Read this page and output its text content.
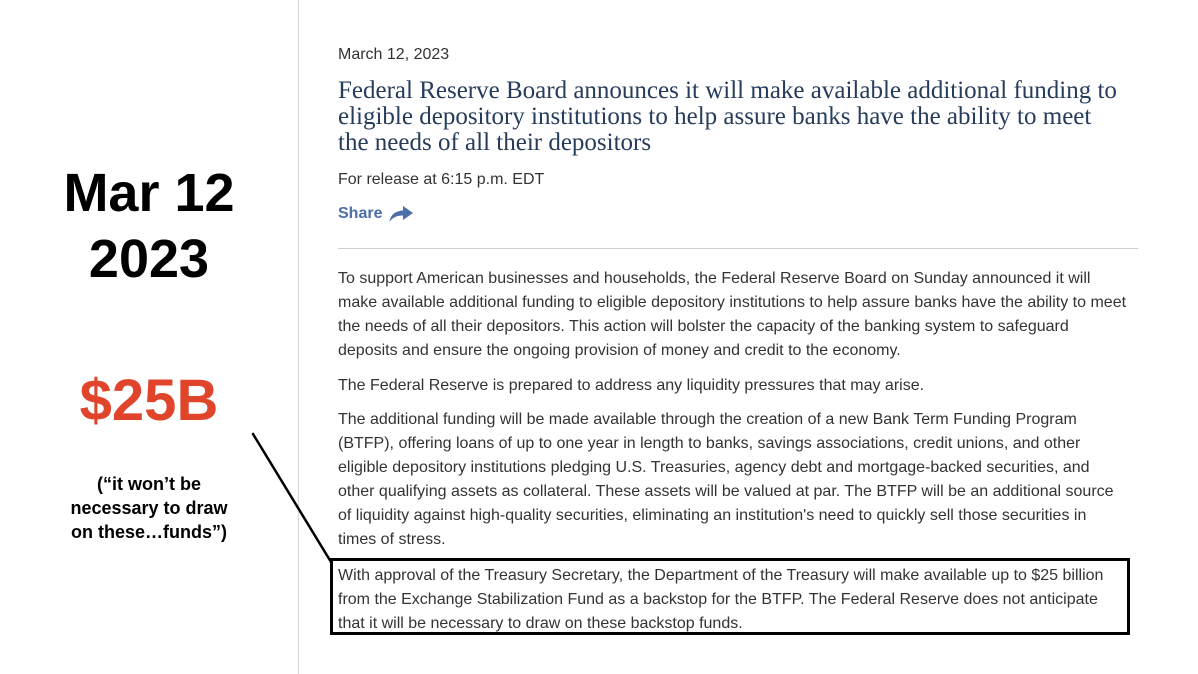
Mar 12
2023
$25B
(“it won’t be
necessary to draw
on these…funds”)
March 12, 2023
Federal Reserve Board announces it will make available additional funding to eligible depository institutions to help assure banks have the ability to meet the needs of all their depositors
For release at 6:15 p.m. EDT
Share

To support American businesses and households, the Federal Reserve Board on Sunday announced it will make available additional funding to eligible depository institutions to help assure banks have the ability to meet the needs of all their depositors. This action will bolster the capacity of the banking system to safeguard deposits and ensure the ongoing provision of money and credit to the economy.

The Federal Reserve is prepared to address any liquidity pressures that may arise.

The additional funding will be made available through the creation of a new Bank Term Funding Program (BTFP), offering loans of up to one year in length to banks, savings associations, credit unions, and other eligible depository institutions pledging U.S. Treasuries, agency debt and mortgage-backed securities, and other qualifying assets as collateral. These assets will be valued at par. The BTFP will be an additional source of liquidity against high-quality securities, eliminating an institution's need to quickly sell those securities in times of stress.

With approval of the Treasury Secretary, the Department of the Treasury will make available up to $25 billion from the Exchange Stabilization Fund as a backstop for the BTFP. The Federal Reserve does not anticipate that it will be necessary to draw on these backstop funds.
